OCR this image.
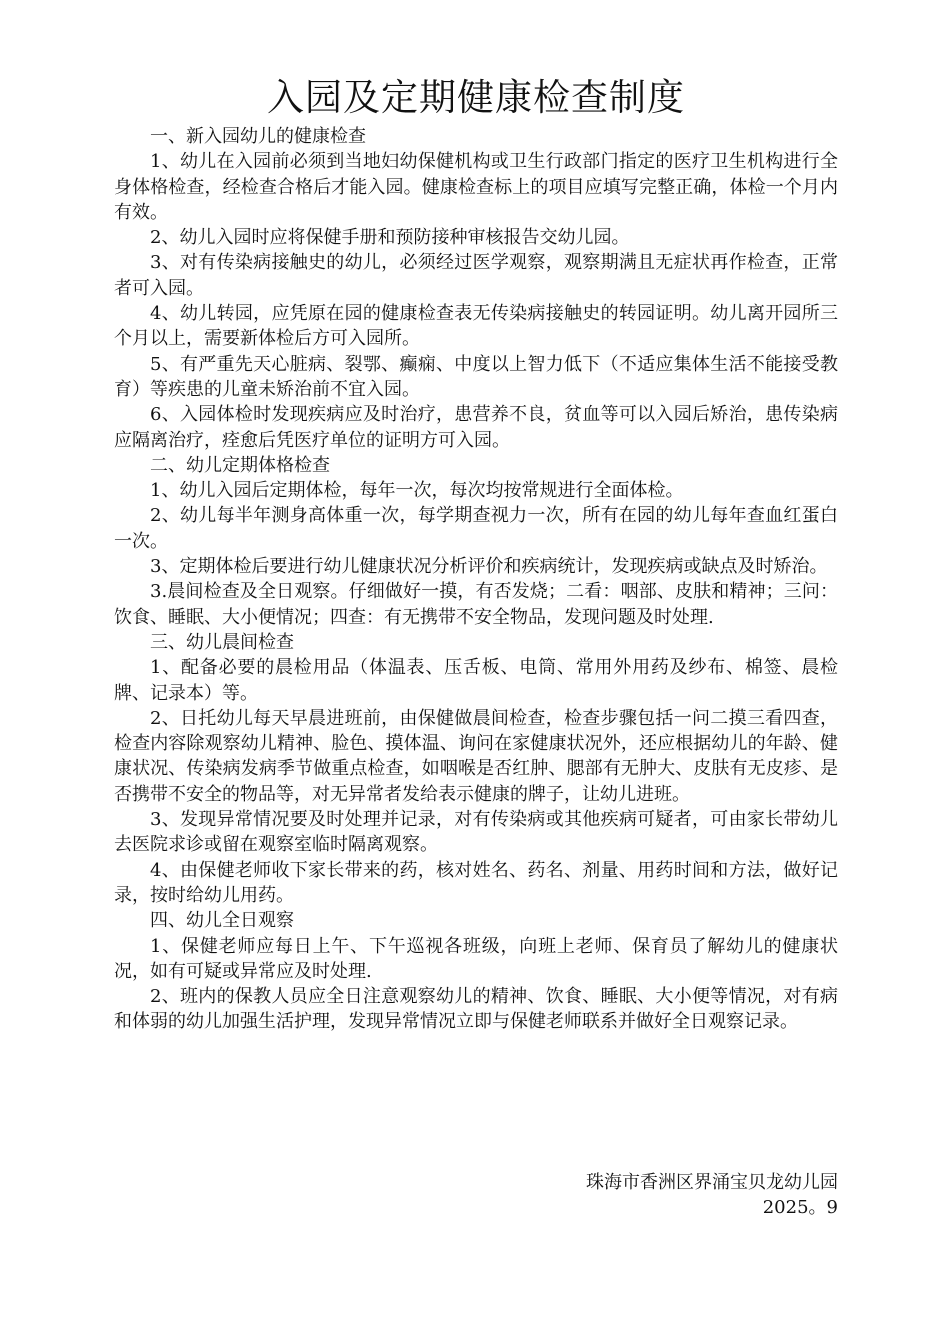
入园及定期健康检查制度

一、新入园幼儿的健康检查

1、幼儿在入园前必须到当地妇幼保健机构或卫生行政部门指定的医疗卫生机构进行全身体格检查，经检查合格后才能入园。健康检查标上的项目应填写完整正确，体检一个月内有效。

2、幼儿入园时应将保健手册和预防接种审核报告交幼儿园。

3、对有传染病接触史的幼儿，必须经过医学观察，观察期满且无症状再作检查，正常者可入园。

4、幼儿转园，应凭原在园的健康检查表无传染病接触史的转园证明。幼儿离开园所三个月以上，需要新体检后方可入园所。

5、有严重先天心脏病、裂鄂、癫痫、中度以上智力低下（不适应集体生活不能接受教育）等疾患的儿童未矫治前不宜入园。

6、入园体检时发现疾病应及时治疗，患营养不良，贫血等可以入园后矫治，患传染病应隔离治疗，痊愈后凭医疗单位的证明方可入园。

二、幼儿定期体格检查

1、幼儿入园后定期体检，每年一次，每次均按常规进行全面体检。

2、幼儿每半年测身高体重一次，每学期查视力一次，所有在园的幼儿每年查血红蛋白一次。

3、定期体检后要进行幼儿健康状况分析评价和疾病统计，发现疾病或缺点及时矫治。

3.晨间检查及全日观察。仔细做好一摸，有否发烧；二看：咽部、皮肤和精神；三问：饮食、睡眠、大小便情况；四查：有无携带不安全物品，发现问题及时处理.

三、幼儿晨间检查

1、配备必要的晨检用品（体温表、压舌板、电筒、常用外用药及纱布、棉签、晨检牌、记录本）等。

2、日托幼儿每天早晨进班前，由保健做晨间检查，检查步骤包括一问二摸三看四查，检查内容除观察幼儿精神、脸色、摸体温、询问在家健康状况外，还应根据幼儿的年龄、健康状况、传染病发病季节做重点检查，如咽喉是否红肿、腮部有无肿大、皮肤有无皮疹、是否携带不安全的物品等，对无异常者发给表示健康的牌子，让幼儿进班。

3、发现异常情况要及时处理并记录，对有传染病或其他疾病可疑者，可由家长带幼儿去医院求诊或留在观察室临时隔离观察。

4、由保健老师收下家长带来的药，核对姓名、药名、剂量、用药时间和方法，做好记录，按时给幼儿用药。

四、幼儿全日观察

1、保健老师应每日上午、下午巡视各班级，向班上老师、保育员了解幼儿的健康状况，如有可疑或异常应及时处理.

2、班内的保教人员应全日注意观察幼儿的精神、饮食、睡眠、大小便等情况，对有病和体弱的幼儿加强生活护理，发现异常情况立即与保健老师联系并做好全日观察记录。

珠海市香洲区界涌宝贝龙幼儿园
2025。9
